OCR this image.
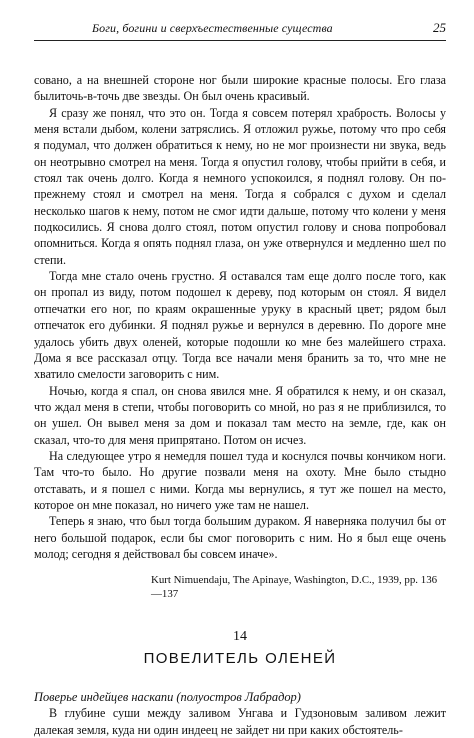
Боги, богини и сверхъестественные существа	25

совано, а на внешней стороне ног были широкие красные полосы. Его глаза былиточь-в-точь две звезды. Он был очень красивый.

Я сразу же понял, что это он. Тогда я совсем потерял храбрость. Волосы у меня встали дыбом, колени затряслись. Я отложил ружье, потому что про себя я подумал, что должен обратиться к нему, но не мог произнести ни звука, ведь он неотрывно смотрел на меня. Тогда я опустил голову, чтобы прийти в себя, и стоял так очень долго. Когда я немного успокоился, я поднял голову. Он по-прежнему стоял и смотрел на меня. Тогда я собрался с духом и сделал несколько шагов к нему, потом не смог идти дальше, потому что колени у меня подкосились. Я снова долго стоял, потом опустил голову и снова попробовал опомниться. Когда я опять поднял глаза, он уже отвернулся и медленно шел по степи.

Тогда мне стало очень грустно. Я оставался там еще долго после того, как он пропал из виду, потом подошел к дереву, под которым он стоял. Я видел отпечатки его ног, по краям окрашенные уруку в красный цвет; рядом был отпечаток его дубинки. Я поднял ружье и вернулся в деревню. По дороге мне удалось убить двух оленей, которые подошли ко мне без малейшего страха. Дома я все рассказал отцу. Тогда все начали меня бранить за то, что мне не хватило смелости заговорить с ним.

Ночью, когда я спал, он снова явился мне. Я обратился к нему, и он сказал, что ждал меня в степи, чтобы поговорить со мной, но раз я не приблизился, то он ушел. Он вывел меня за дом и показал там место на земле, где, как он сказал, что-то для меня припрятано. Потом он исчез.

На следующее утро я немедля пошел туда и коснулся почвы кончиком ноги. Там что-то было. Но другие позвали меня на охоту. Мне было стыдно отставать, и я пошел с ними. Когда мы вернулись, я тут же пошел на место, которое он мне показал, но ничего уже там не нашел.

Теперь я знаю, что был тогда большим дураком. Я наверняка получил бы от него большой подарок, если бы смог поговорить с ним. Но я был еще очень молод; сегодня я действовал бы совсем иначе».

Kurt Nimuendaju, The Apinaye, Washington, D.C., 1939, pp. 136—137
14
ПОВЕЛИТЕЛЬ ОЛЕНЕЙ
Поверье индейцев наскапи (полуостров Лабрадор)

В глубине суши между заливом Унгава и Гудзоновым заливом лежит далекая земля, куда ни один индеец не зайдет ни при каких обстоятель-
